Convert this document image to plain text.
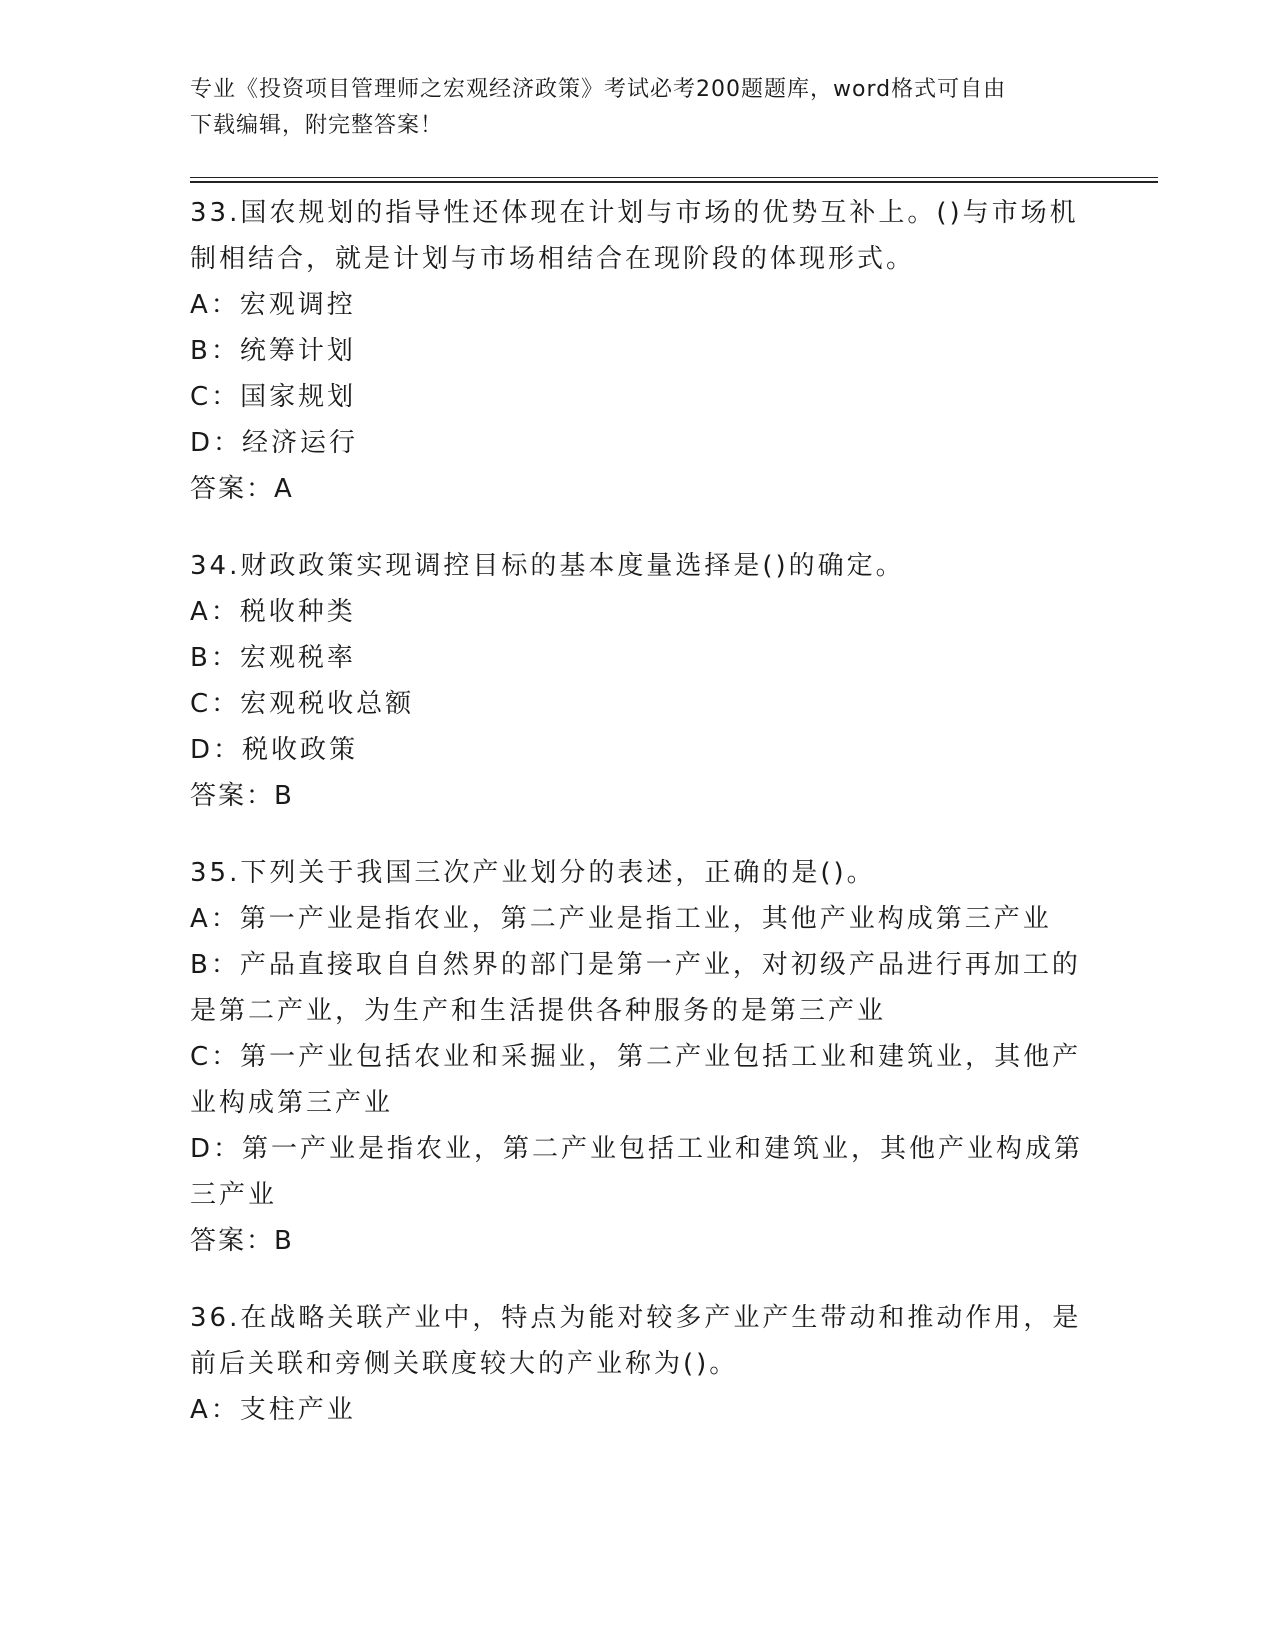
专业《投资项目管理师之宏观经济政策》考试必考200题题库，word格式可自由
下载编辑，附完整答案！

33.国农规划的指导性还体现在计划与市场的优势互补上。()与市场机

制相结合，就是计划与市场相结合在现阶段的体现形式。

A：宏观调控

B：统筹计划

C：国家规划

D：经济运行

答案：A

34.财政政策实现调控目标的基本度量选择是()的确定。

A：税收种类

B：宏观税率

C：宏观税收总额

D：税收政策

答案：B

35.下列关于我国三次产业划分的表述，正确的是()。

A：第一产业是指农业，第二产业是指工业，其他产业构成第三产业

B：产品直接取自自然界的部门是第一产业，对初级产品进行再加工的

是第二产业，为生产和生活提供各种服务的是第三产业

C：第一产业包括农业和采掘业，第二产业包括工业和建筑业，其他产

业构成第三产业

D：第一产业是指农业，第二产业包括工业和建筑业，其他产业构成第

三产业

答案：B

36.在战略关联产业中，特点为能对较多产业产生带动和推动作用，是

前后关联和旁侧关联度较大的产业称为()。

A：支柱产业
